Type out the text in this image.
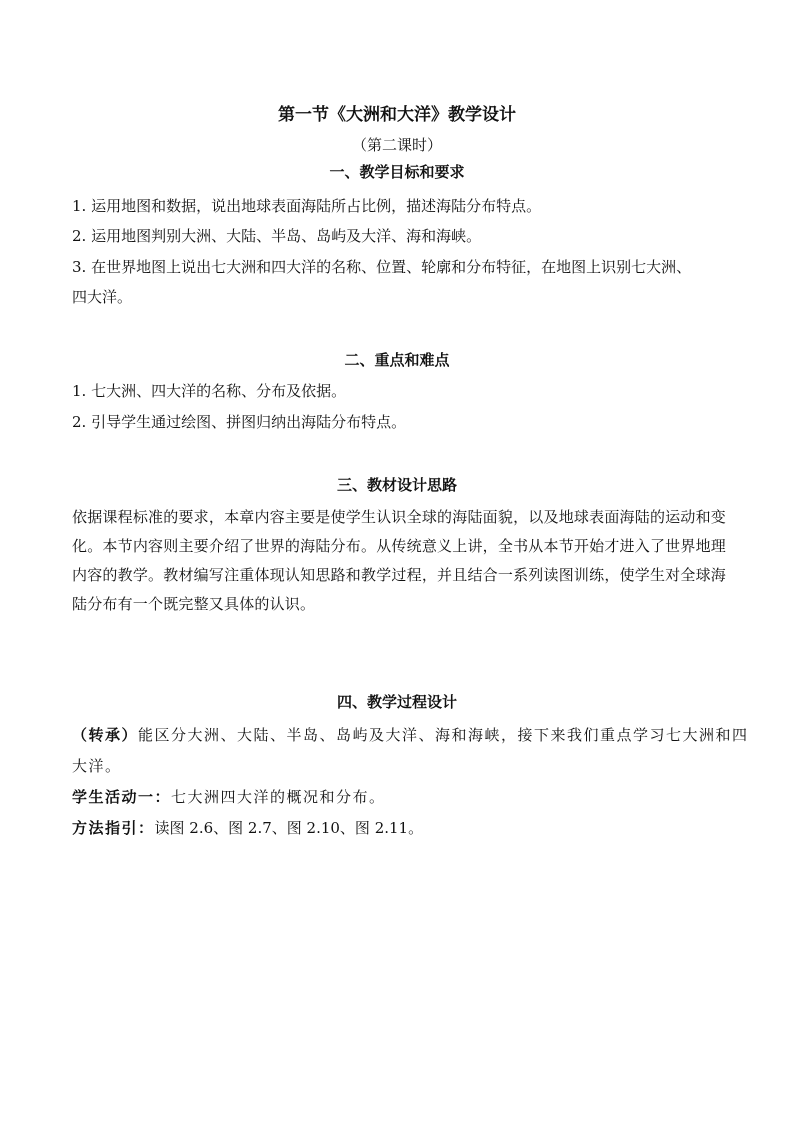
第一节《大洲和大洋》教学设计
（第二课时）
一、教学目标和要求
1. 运用地图和数据，说出地球表面海陆所占比例，描述海陆分布特点。
2. 运用地图判别大洲、大陆、半岛、岛屿及大洋、海和海峡。
3. 在世界地图上说出七大洲和四大洋的名称、位置、轮廓和分布特征，在地图上识别七大洲、
四大洋。
二、重点和难点
1. 七大洲、四大洋的名称、分布及依据。
2. 引导学生通过绘图、拼图归纳出海陆分布特点。
三、教材设计思路
依据课程标准的要求，本章内容主要是使学生认识全球的海陆面貌，以及地球表面海陆的运动和变化。本节内容则主要介绍了世界的海陆分布。从传统意义上讲，全书从本节开始才进入了世界地理内容的教学。教材编写注重体现认知思路和教学过程，并且结合一系列读图训练，使学生对全球海陆分布有一个既完整又具体的认识。
四、教学过程设计
（转承）能区分大洲、大陆、半岛、岛屿及大洋、海和海峡，接下来我们重点学习七大洲和四
大洋。
学生活动一：七大洲四大洋的概况和分布。
方法指引：读图 2.6、图 2.7、图 2.10、图 2.11。
